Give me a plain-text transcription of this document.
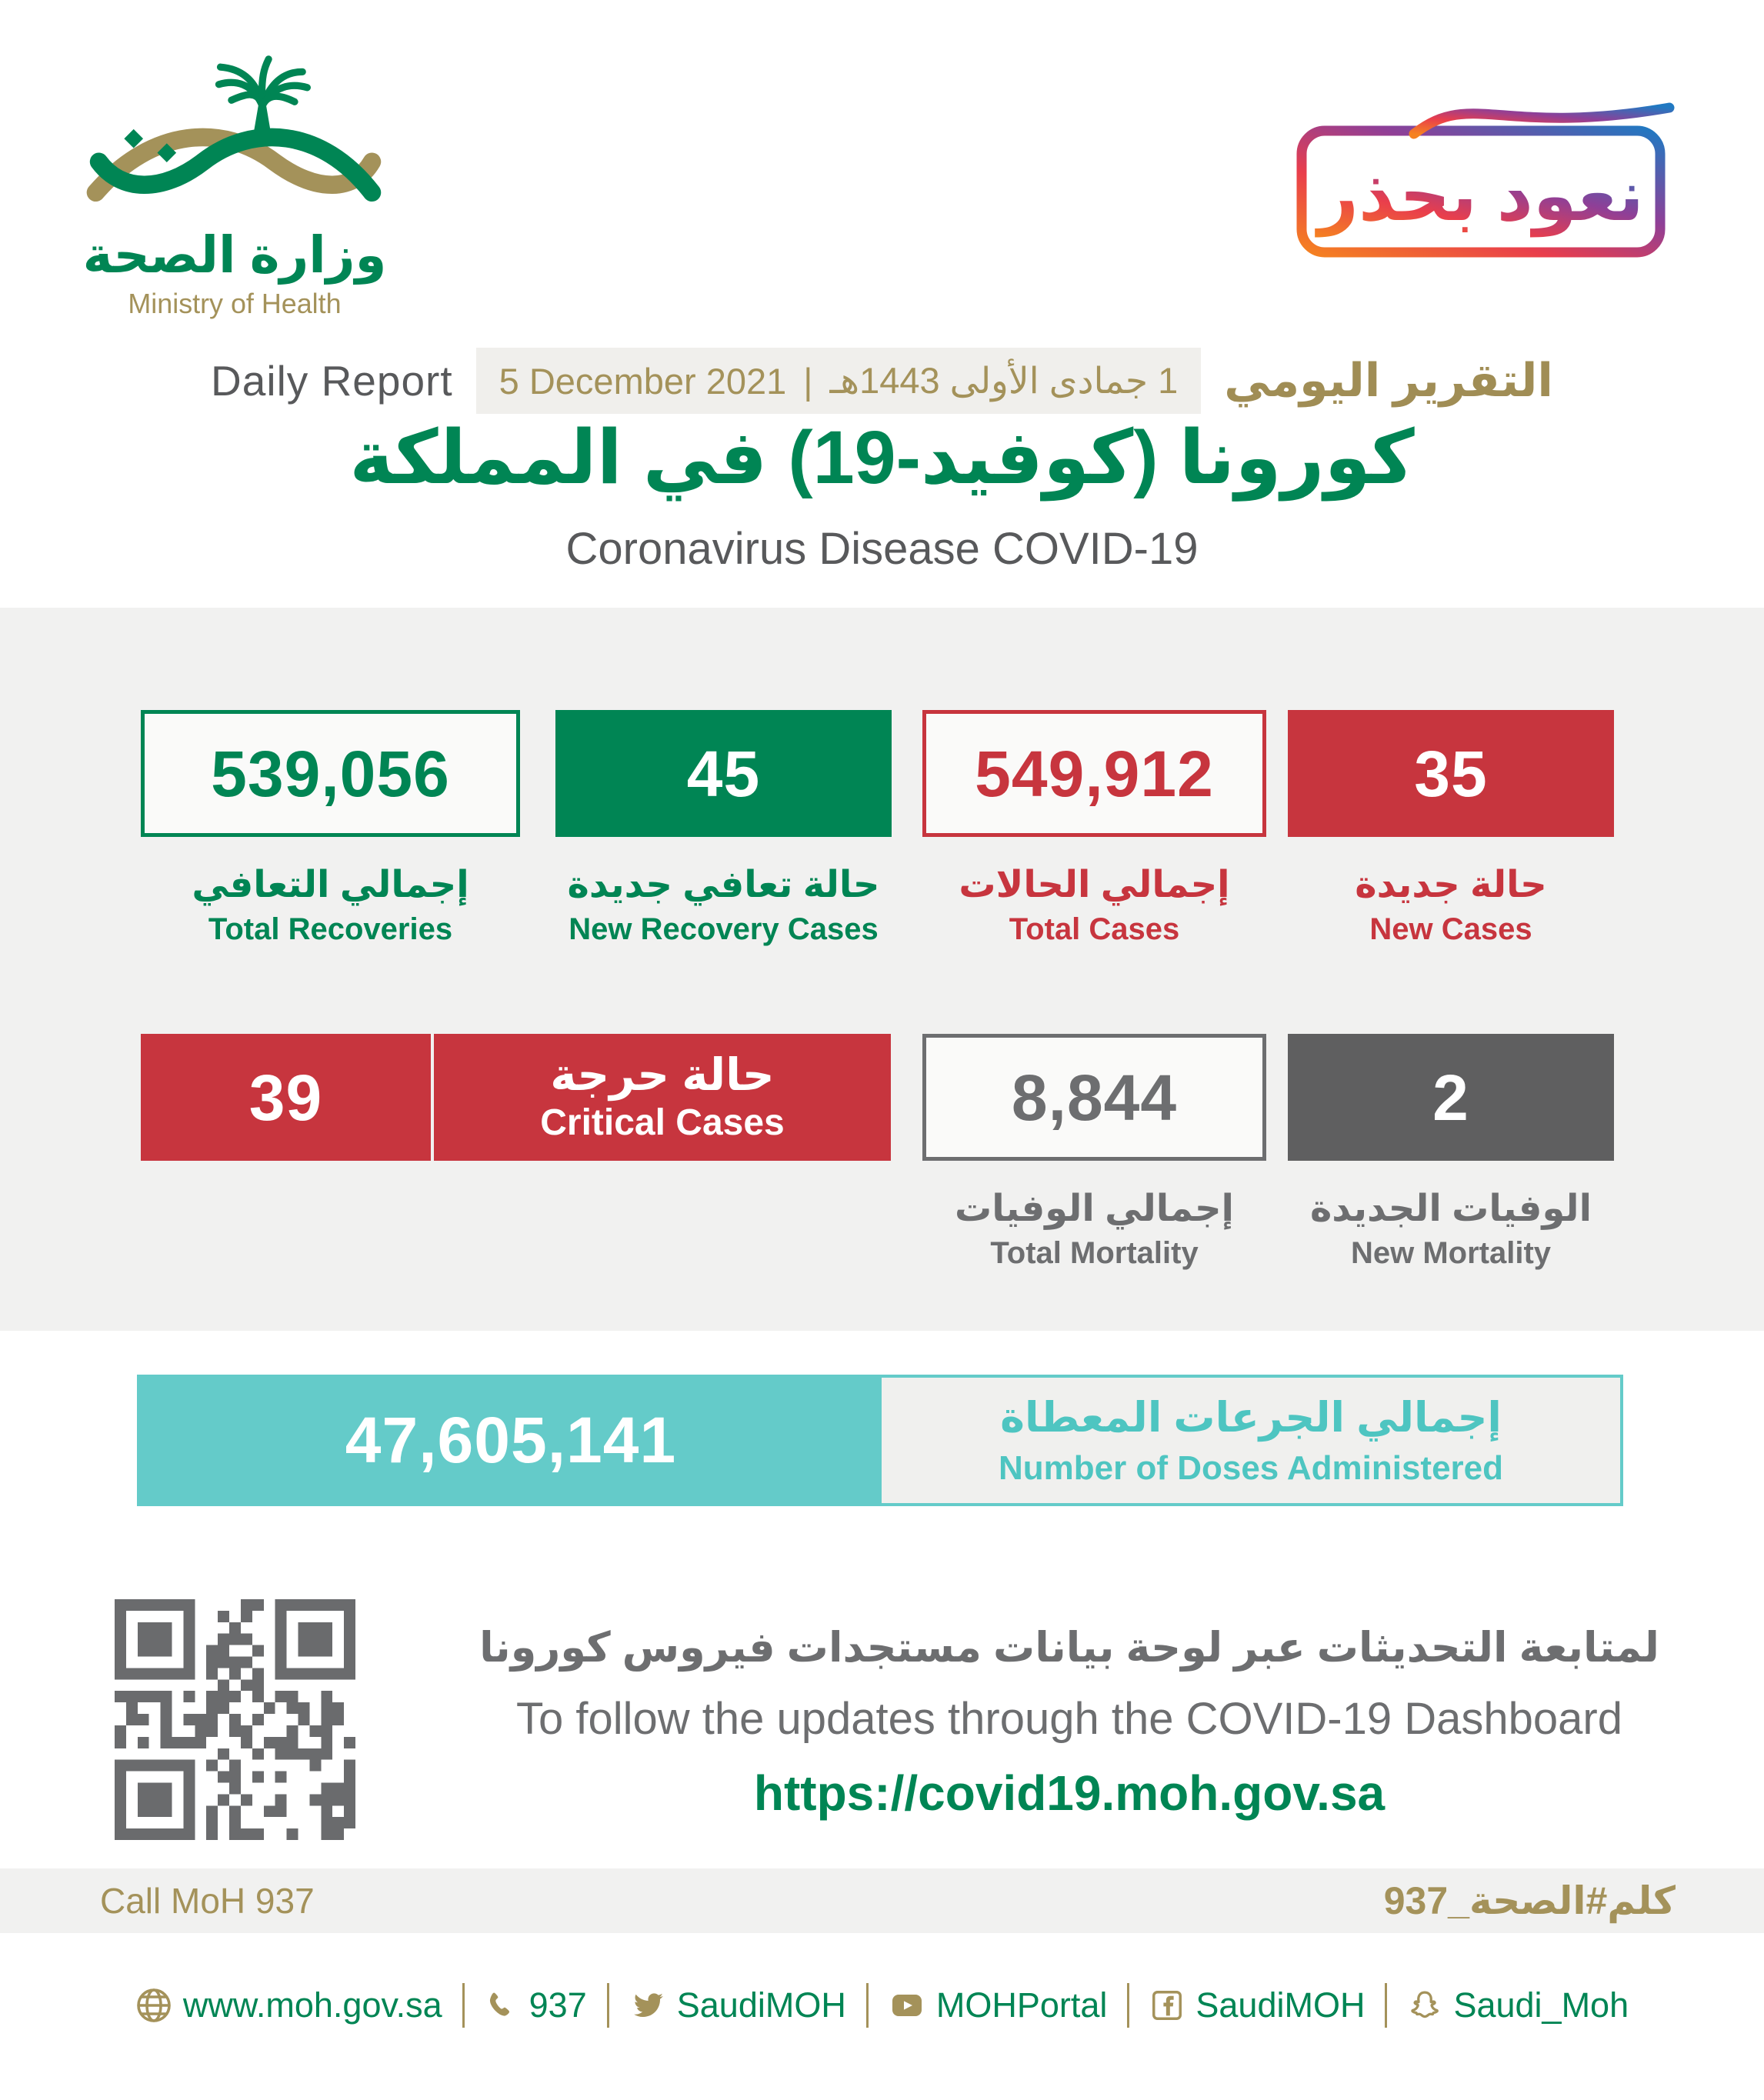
وزارة الصحة
Ministry of Health
نعود بحذر
Daily Report 5 December 2021 | 1 جمادى الأولى 1443هـ التقرير اليومي
كورونا (كوفيد-19) في المملكة
Coronavirus Disease COVID-19
539,056
إجمالي التعافي
Total Recoveries
45
حالة تعافي جديدة
New Recovery Cases
549,912
إجمالي الحالات
Total Cases
35
حالة جديدة
New Cases
39	حالة حرجة
Critical Cases	8,844
إجمالي الوفيات
Total Mortality
2
الوفيات الجديدة
New Mortality
47,605,141	إجمالي الجرعات المعطاة
Number of Doses Administered
لمتابعة التحديثات عبر لوحة بيانات مستجدات فيروس كورونا
To follow the updates through the COVID-19 Dashboard
https://covid19.moh.gov.sa
Call MoH 937	كلم#الصحة_937
www.moh.gov.sa	937	SaudiMOH	MOHPortal	SaudiMOH	Saudi_Moh
